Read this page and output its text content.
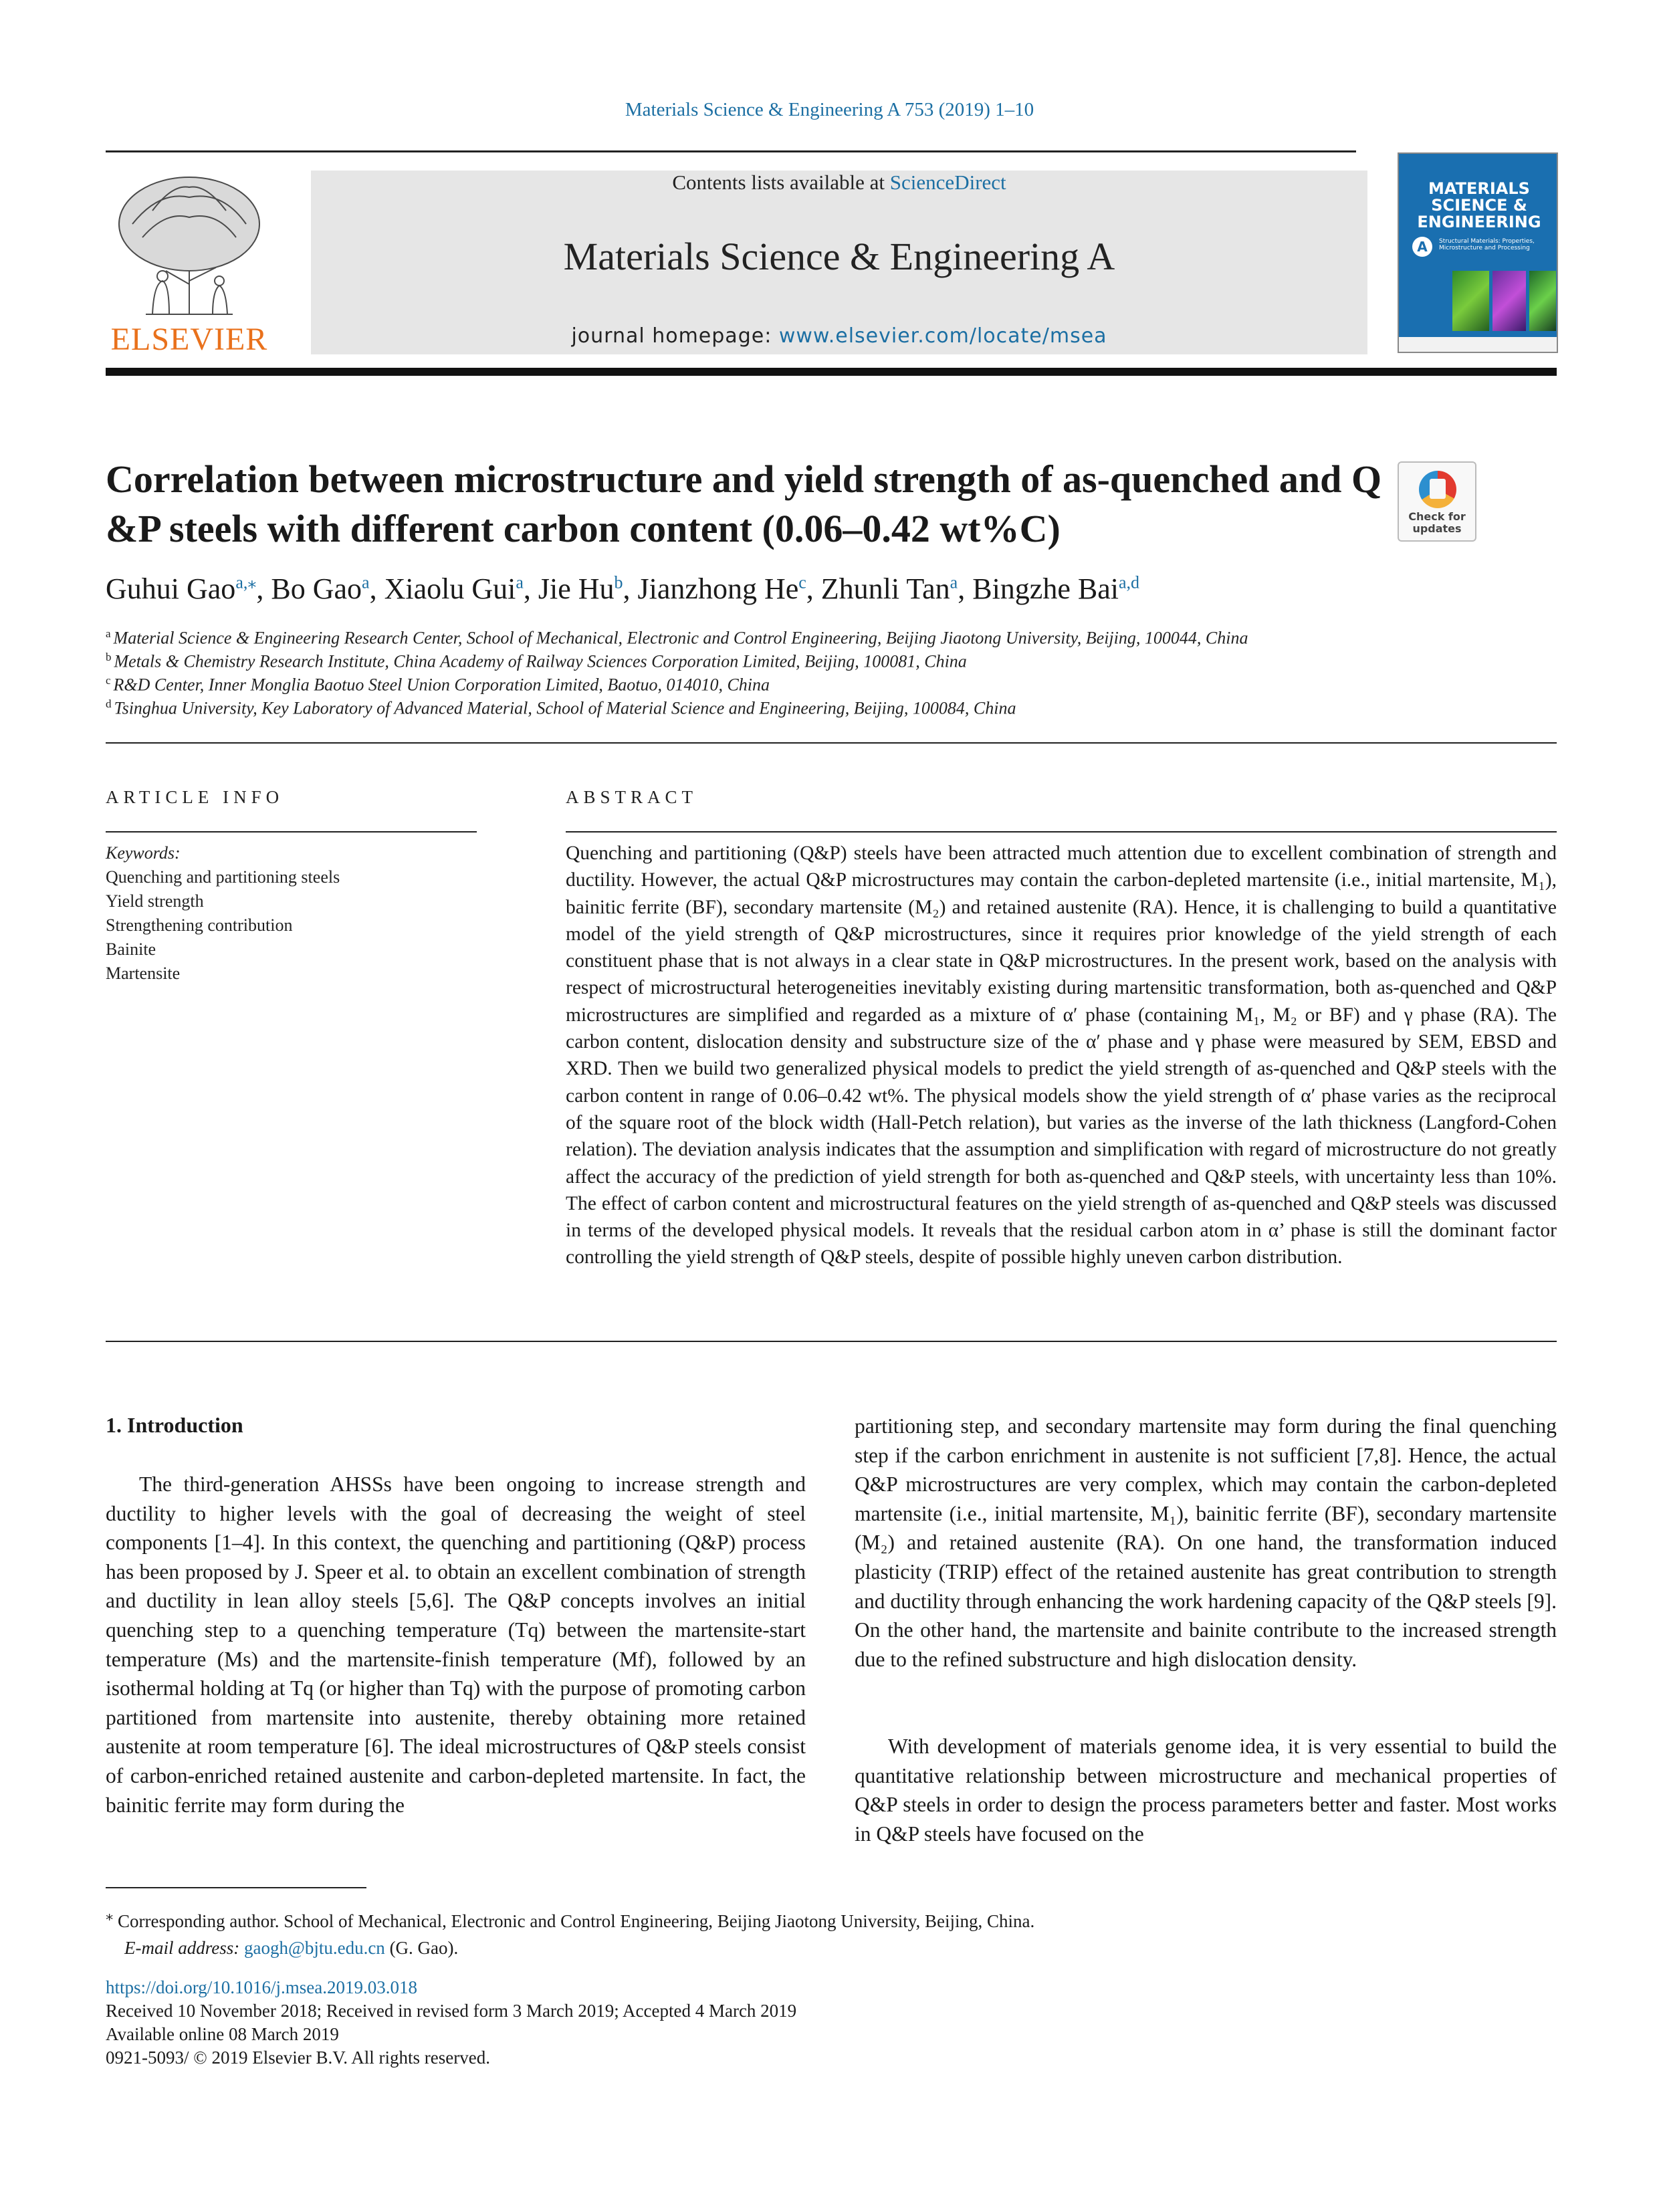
Materials Science & Engineering A 753 (2019) 1–10
ELSEVIER
Contents lists available at ScienceDirect
Materials Science & Engineering A
journal homepage: www.elsevier.com/locate/msea
MATERIALS SCIENCE & ENGINEERING
A	Structural Materials: Properties, Microstructure and Processing
Correlation between microstructure and yield strength of as-quenched and Q &P steels with different carbon content (0.06–0.42 wt%C)	Check for updates
Guhui Gao$^{a,⁎}$, Bo Gao$^a$, Xiaolu Gui$^a$, Jie Hu$^b$, Jianzhong He$^c$, Zhunli Tan$^a$, Bingzhe Bai$^{a,d}$
$^a$ Material Science & Engineering Research Center, School of Mechanical, Electronic and Control Engineering, Beijing Jiaotong University, Beijing, 100044, China
$^b$ Metals & Chemistry Research Institute, China Academy of Railway Sciences Corporation Limited, Beijing, 100081, China
$^c$ R&D Center, Inner Monglia Baotuo Steel Union Corporation Limited, Baotuo, 014010, China
$^d$ Tsinghua University, Key Laboratory of Advanced Material, School of Material Science and Engineering, Beijing, 100084, China
ARTICLE INFO	ABSTRACT
Keywords:
Quenching and partitioning steels
Yield strength
Strengthening contribution
Bainite
Martensite

Quenching and partitioning (Q&P) steels have been attracted much attention due to excellent combination of strength and ductility. However, the actual Q&P microstructures may contain the carbon-depleted martensite (i.e., initial martensite, M₁), bainitic ferrite (BF), secondary martensite (M₂) and retained austenite (RA). Hence, it is challenging to build a quantitative model of the yield strength of Q&P microstructures, since it requires prior knowledge of the yield strength of each constituent phase that is not always in a clear state in Q&P microstructures. In the present work, based on the analysis with respect of microstructural heterogeneities inevitably existing during martensitic transformation, both as-quenched and Q&P microstructures are simplified and regarded as a mixture of α′ phase (containing M₁, M₂ or BF) and γ phase (RA). The carbon content, dislocation density and substructure size of the α′ phase and γ phase were measured by SEM, EBSD and XRD. Then we build two generalized physical models to predict the yield strength of as-quenched and Q&P steels with the carbon content in range of 0.06–0.42 wt%. The physical models show the yield strength of α′ phase varies as the reciprocal of the square root of the block width (Hall-Petch relation), but varies as the inverse of the lath thickness (Langford-Cohen relation). The deviation analysis indicates that the assumption and simplification with regard of microstructure do not greatly affect the accuracy of the prediction of yield strength for both as-quenched and Q&P steels, with uncertainty less than 10%. The effect of carbon content and microstructural features on the yield strength of as-quenched and Q&P steels was discussed in terms of the developed physical models. It reveals that the residual carbon atom in α’ phase is still the dominant factor controlling the yield strength of Q&P steels, despite of possible highly uneven carbon distribution.

1. Introduction

The third-generation AHSSs have been ongoing to increase strength and ductility to higher levels with the goal of decreasing the weight of steel components [1–4]. In this context, the quenching and partitioning (Q&P) process has been proposed by J. Speer et al. to obtain an excellent combination of strength and ductility in lean alloy steels [5,6]. The Q&P concepts involves an initial quenching step to a quenching temperature (Tq) between the martensite-start temperature (Ms) and the martensite-finish temperature (Mf), followed by an isothermal holding at Tq (or higher than Tq) with the purpose of promoting carbon partitioned from martensite into austenite, thereby obtaining more retained austenite at room temperature [6]. The ideal microstructures of Q&P steels consist of carbon-enriched retained austenite and carbon-depleted martensite. In fact, the bainitic ferrite may form during the

partitioning step, and secondary martensite may form during the final quenching step if the carbon enrichment in austenite is not sufficient [7,8]. Hence, the actual Q&P microstructures are very complex, which may contain the carbon-depleted martensite (i.e., initial martensite, M₁), bainitic ferrite (BF), secondary martensite (M₂) and retained austenite (RA). On one hand, the transformation induced plasticity (TRIP) effect of the retained austenite has great contribution to strength and ductility through enhancing the work hardening capacity of the Q&P steels [9]. On the other hand, the martensite and bainite contribute to the increased strength due to the refined substructure and high dislocation density.

With development of materials genome idea, it is very essential to build the quantitative relationship between microstructure and mechanical properties of Q&P steels in order to design the process parameters better and faster. Most works in Q&P steels have focused on the

⁎ Corresponding author. School of Mechanical, Electronic and Control Engineering, Beijing Jiaotong University, Beijing, China.
E-mail address: gaogh@bjtu.edu.cn (G. Gao).
https://doi.org/10.1016/j.msea.2019.03.018
Received 10 November 2018; Received in revised form 3 March 2019; Accepted 4 March 2019
Available online 08 March 2019
0921-5093/ © 2019 Elsevier B.V. All rights reserved.
